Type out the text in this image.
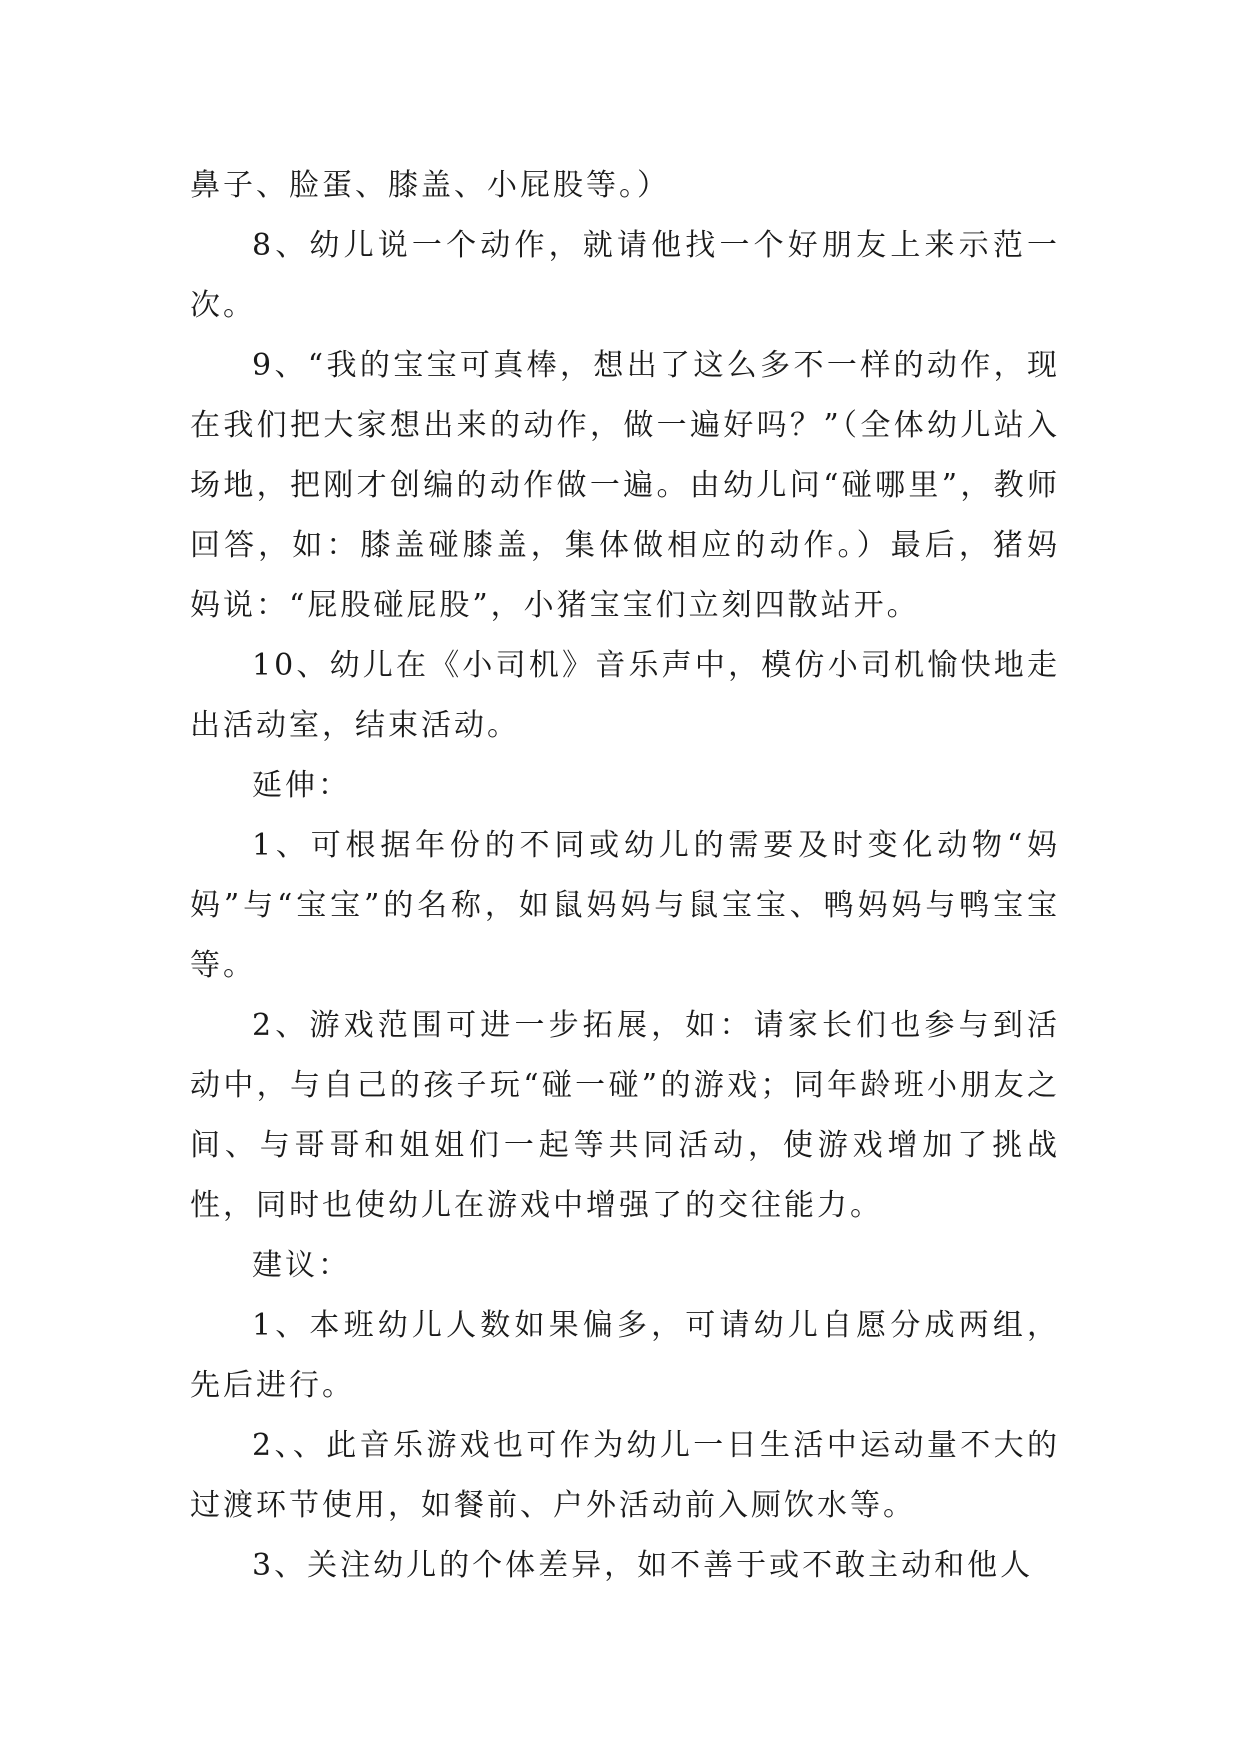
鼻子、脸蛋、膝盖、小屁股等。）

8、幼儿说一个动作，就请他找一个好朋友上来示范一次。

9、“我的宝宝可真棒，想出了这么多不一样的动作，现在我们把大家想出来的动作，做一遍好吗？”（全体幼儿站入场地，把刚才创编的动作做一遍。由幼儿问“碰哪里”，教师回答，如：膝盖碰膝盖，集体做相应的动作。）最后，猪妈妈说：“屁股碰屁股”，小猪宝宝们立刻四散站开。

10、幼儿在《小司机》音乐声中，模仿小司机愉快地走出活动室，结束活动。

延伸：

1、可根据年份的不同或幼儿的需要及时变化动物“妈妈”与“宝宝”的名称，如鼠妈妈与鼠宝宝、鸭妈妈与鸭宝宝等。

2、游戏范围可进一步拓展，如：请家长们也参与到活动中，与自己的孩子玩“碰一碰”的游戏；同年龄班小朋友之间、与哥哥和姐姐们一起等共同活动，使游戏增加了挑战性，同时也使幼儿在游戏中增强了的交往能力。

建议：

1、本班幼儿人数如果偏多，可请幼儿自愿分成两组，先后进行。

2、、此音乐游戏也可作为幼儿一日生活中运动量不大的过渡环节使用，如餐前、户外活动前入厕饮水等。

3、关注幼儿的个体差异，如不善于或不敢主动和他人
